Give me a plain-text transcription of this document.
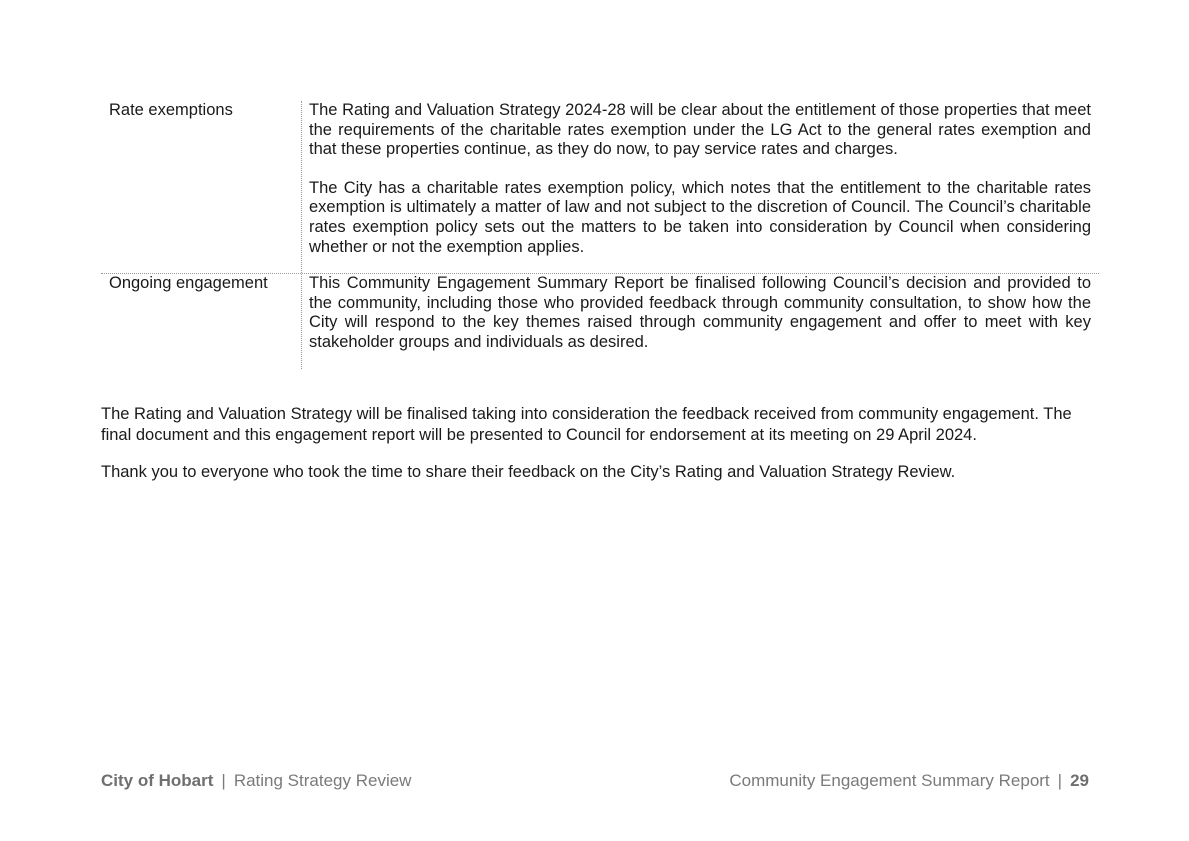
Rate exemptions	The Rating and Valuation Strategy 2024-28 will be clear about the entitlement of those properties that meet the requirements of the charitable rates exemption under the LG Act to the general rates exemption and that these properties continue, as they do now, to pay service rates and charges.

The City has a charitable rates exemption policy, which notes that the entitlement to the charitable rates exemption is ultimately a matter of law and not subject to the discretion of Council. The Council’s charitable rates exemption policy sets out the matters to be taken into consideration by Council when considering whether or not the exemption applies.

Ongoing engagement	This Community Engagement Summary Report be finalised following Council’s decision and provided to the community, including those who provided feedback through community consultation, to show how the City will respond to the key themes raised through community engagement and offer to meet with key stakeholder groups and individuals as desired.

The Rating and Valuation Strategy will be finalised taking into consideration the feedback received from community engagement. The final document and this engagement report will be presented to Council for endorsement at its meeting on 29 April 2024.

Thank you to everyone who took the time to share their feedback on the City’s Rating and Valuation Strategy Review.

City of Hobart | Rating Strategy Review	Community Engagement Summary Report | 29
